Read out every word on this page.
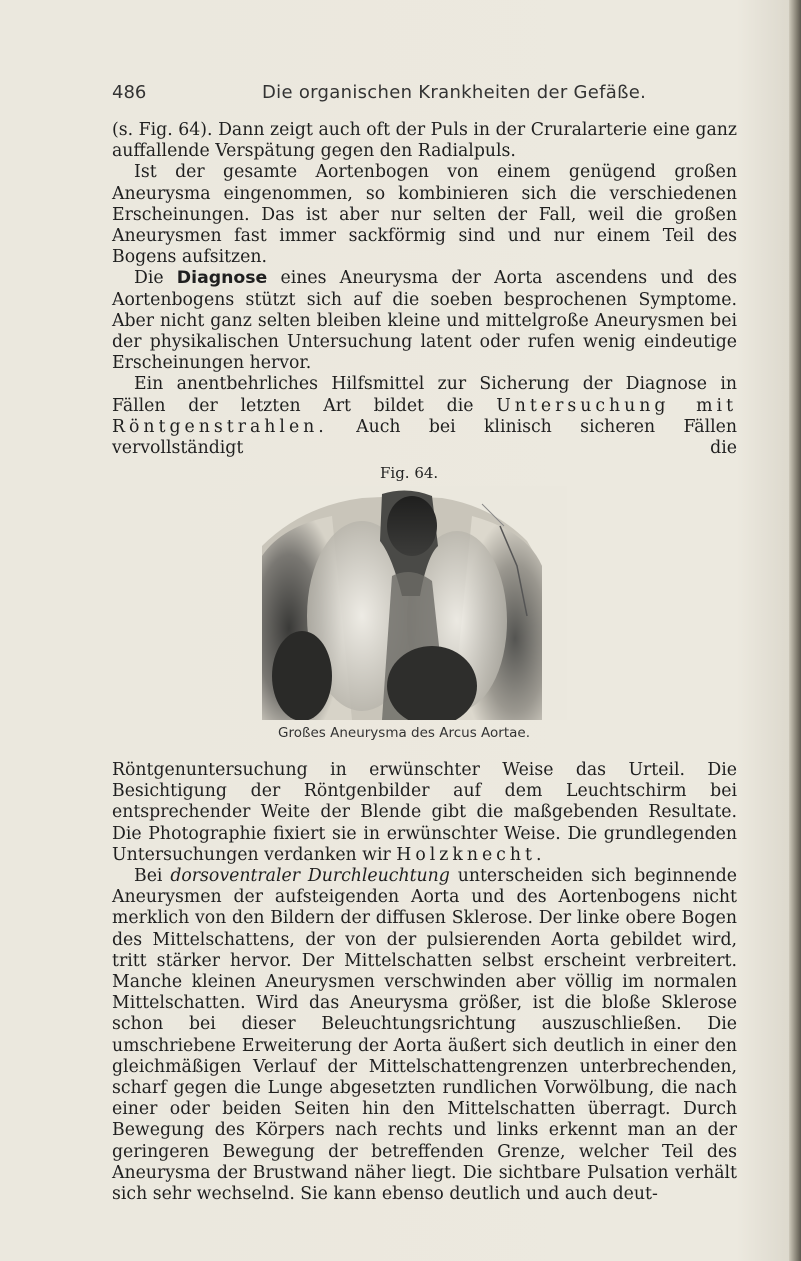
486	Die organischen Krankheiten der Gefäße.

(s. Fig. 64). Dann zeigt auch oft der Puls in der Cruralarterie eine ganz auffallende Verspätung gegen den Radialpuls.

Ist der gesamte Aortenbogen von einem genügend großen Aneurysma eingenommen, so kombinieren sich die verschiedenen Erscheinungen. Das ist aber nur selten der Fall, weil die großen Aneurysmen fast immer sackförmig sind und nur einem Teil des Bogens aufsitzen.

Die Diagnose eines Aneurysma der Aorta ascendens und des Aortenbogens stützt sich auf die soeben besprochenen Symptome. Aber nicht ganz selten bleiben kleine und mittelgroße Aneurysmen bei der physikalischen Untersuchung latent oder rufen wenig eindeutige Erscheinungen hervor.

Ein anentbehrliches Hilfsmittel zur Sicherung der Diagnose in Fällen der letzten Art bildet die Untersuchung mit Röntgenstrahlen. Auch bei klinisch sicheren Fällen vervollständigt die

Fig. 64.
Großes Aneurysma des Arcus Aortae.

Röntgenuntersuchung in erwünschter Weise das Urteil. Die Besichtigung der Röntgenbilder auf dem Leuchtschirm bei entsprechender Weite der Blende gibt die maßgebenden Resultate. Die Photographie fixiert sie in erwünschter Weise. Die grundlegenden Untersuchungen verdanken wir Holzknecht.

Bei dorsoventraler Durchleuchtung unterscheiden sich beginnende Aneurysmen der aufsteigenden Aorta und des Aortenbogens nicht merklich von den Bildern der diffusen Sklerose. Der linke obere Bogen des Mittelschattens, der von der pulsierenden Aorta gebildet wird, tritt stärker hervor. Der Mittelschatten selbst erscheint verbreitert. Manche kleinen Aneurysmen verschwinden aber völlig im normalen Mittelschatten. Wird das Aneurysma größer, ist die bloße Sklerose schon bei dieser Beleuchtungsrichtung auszuschließen. Die umschriebene Erweiterung der Aorta äußert sich deutlich in einer den gleichmäßigen Verlauf der Mittelschattengrenzen unterbrechenden, scharf gegen die Lunge abgesetzten rundlichen Vorwölbung, die nach einer oder beiden Seiten hin den Mittelschatten überragt. Durch Bewegung des Körpers nach rechts und links erkennt man an der geringeren Bewegung der betreffenden Grenze, welcher Teil des Aneurysma der Brustwand näher liegt. Die sichtbare Pulsation verhält sich sehr wechselnd. Sie kann ebenso deutlich und auch deut-
